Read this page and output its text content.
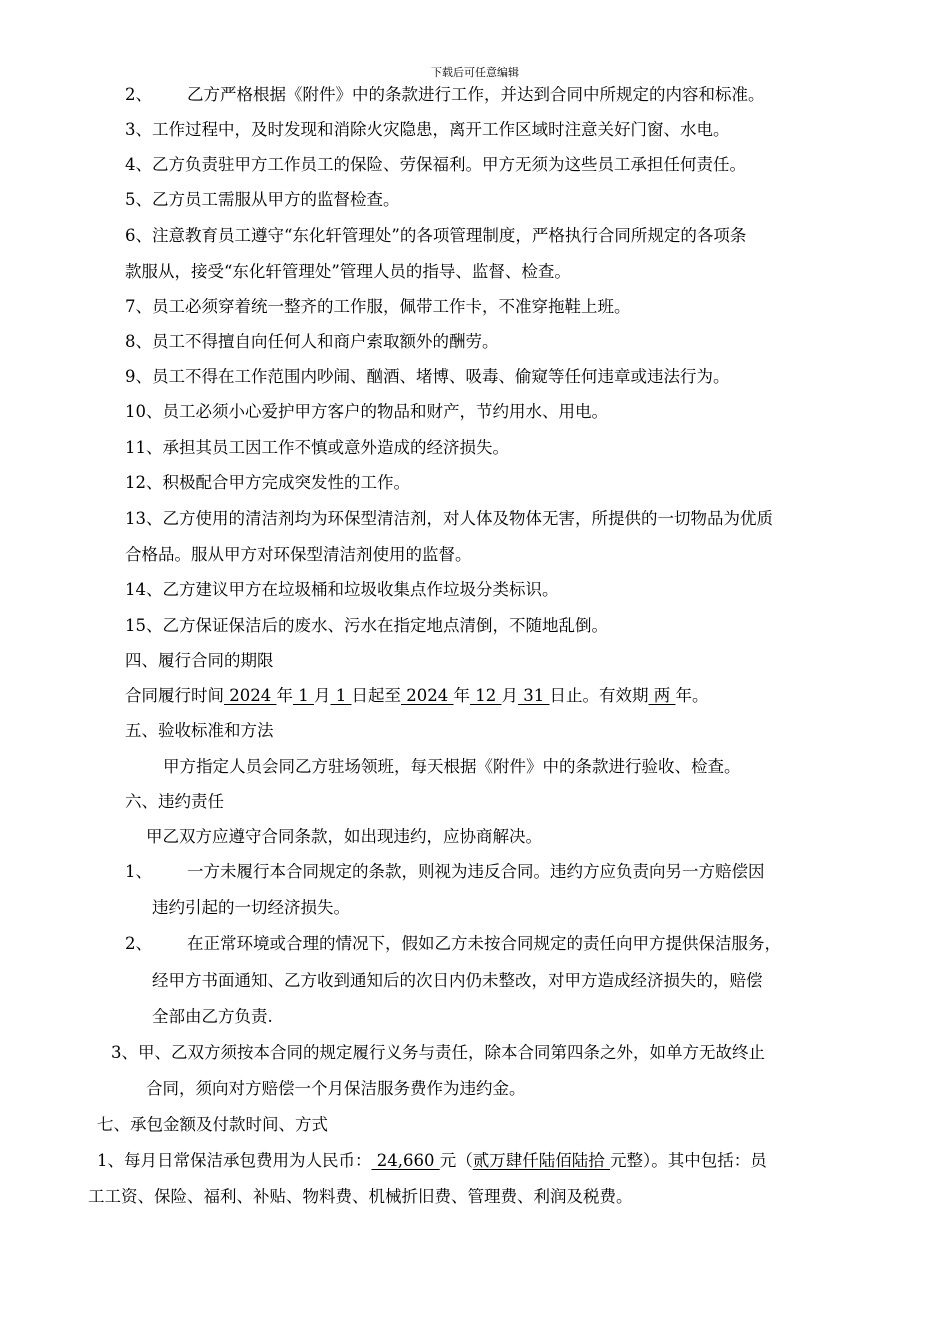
下载后可任意编辑
2、 乙方严格根据《附件》中的条款进行工作，并达到合同中所规定的内容和标准。
3、工作过程中，及时发现和消除火灾隐患，离开工作区域时注意关好门窗、水电。
4、乙方负责驻甲方工作员工的保险、劳保福利。甲方无须为这些员工承担任何责任。
5、乙方员工需服从甲方的监督检查。
6、注意教育员工遵守“东化轩管理处”的各项管理制度，严格执行合同所规定的各项条
款服从，接受“东化轩管理处”管理人员的指导、监督、检查。
7、员工必须穿着统一整齐的工作服，佩带工作卡，不准穿拖鞋上班。
8、员工不得擅自向任何人和商户索取额外的酬劳。
9、员工不得在工作范围内吵闹、酗酒、堵博、吸毒、偷窥等任何违章或违法行为。
10、员工必须小心爱护甲方客户的物品和财产，节约用水、用电。
11、承担其员工因工作不慎或意外造成的经济损失。
12、积极配合甲方完成突发性的工作。
13、乙方使用的清洁剂均为环保型清洁剂，对人体及物体无害，所提供的一切物品为优质
合格品。服从甲方对环保型清洁剂使用的监督。
14、乙方建议甲方在垃圾桶和垃圾收集点作垃圾分类标识。
15、乙方保证保洁后的废水、污水在指定地点清倒，不随地乱倒。
四、履行合同的期限
合同履行时间 2024 年 1 月 1 日起至 2024 年 12 月 31 日止。有效期 两 年。
五、验收标准和方法
甲方指定人员会同乙方驻场领班，每天根据《附件》中的条款进行验收、检查。
六、违约责任
甲乙双方应遵守合同条款，如出现违约，应协商解决。
1、 一方未履行本合同规定的条款，则视为违反合同。违约方应负责向另一方赔偿因
违约引起的一切经济损失。
2、 在正常环境或合理的情况下，假如乙方未按合同规定的责任向甲方提供保洁服务，
经甲方书面通知、乙方收到通知后的次日内仍未整改，对甲方造成经济损失的，赔偿
全部由乙方负责.
3、甲、乙双方须按本合同的规定履行义务与责任，除本合同第四条之外，如单方无故终止
合同，须向对方赔偿一个月保洁服务费作为违约金。
七、承包金额及付款时间、方式
1、每月日常保洁承包费用为人民币： 24,660 元（贰万肆仟陆佰陆拾 元整）。其中包括：员
工工资、保险、福利、补贴、物料费、机械折旧费、管理费、利润及税费。
